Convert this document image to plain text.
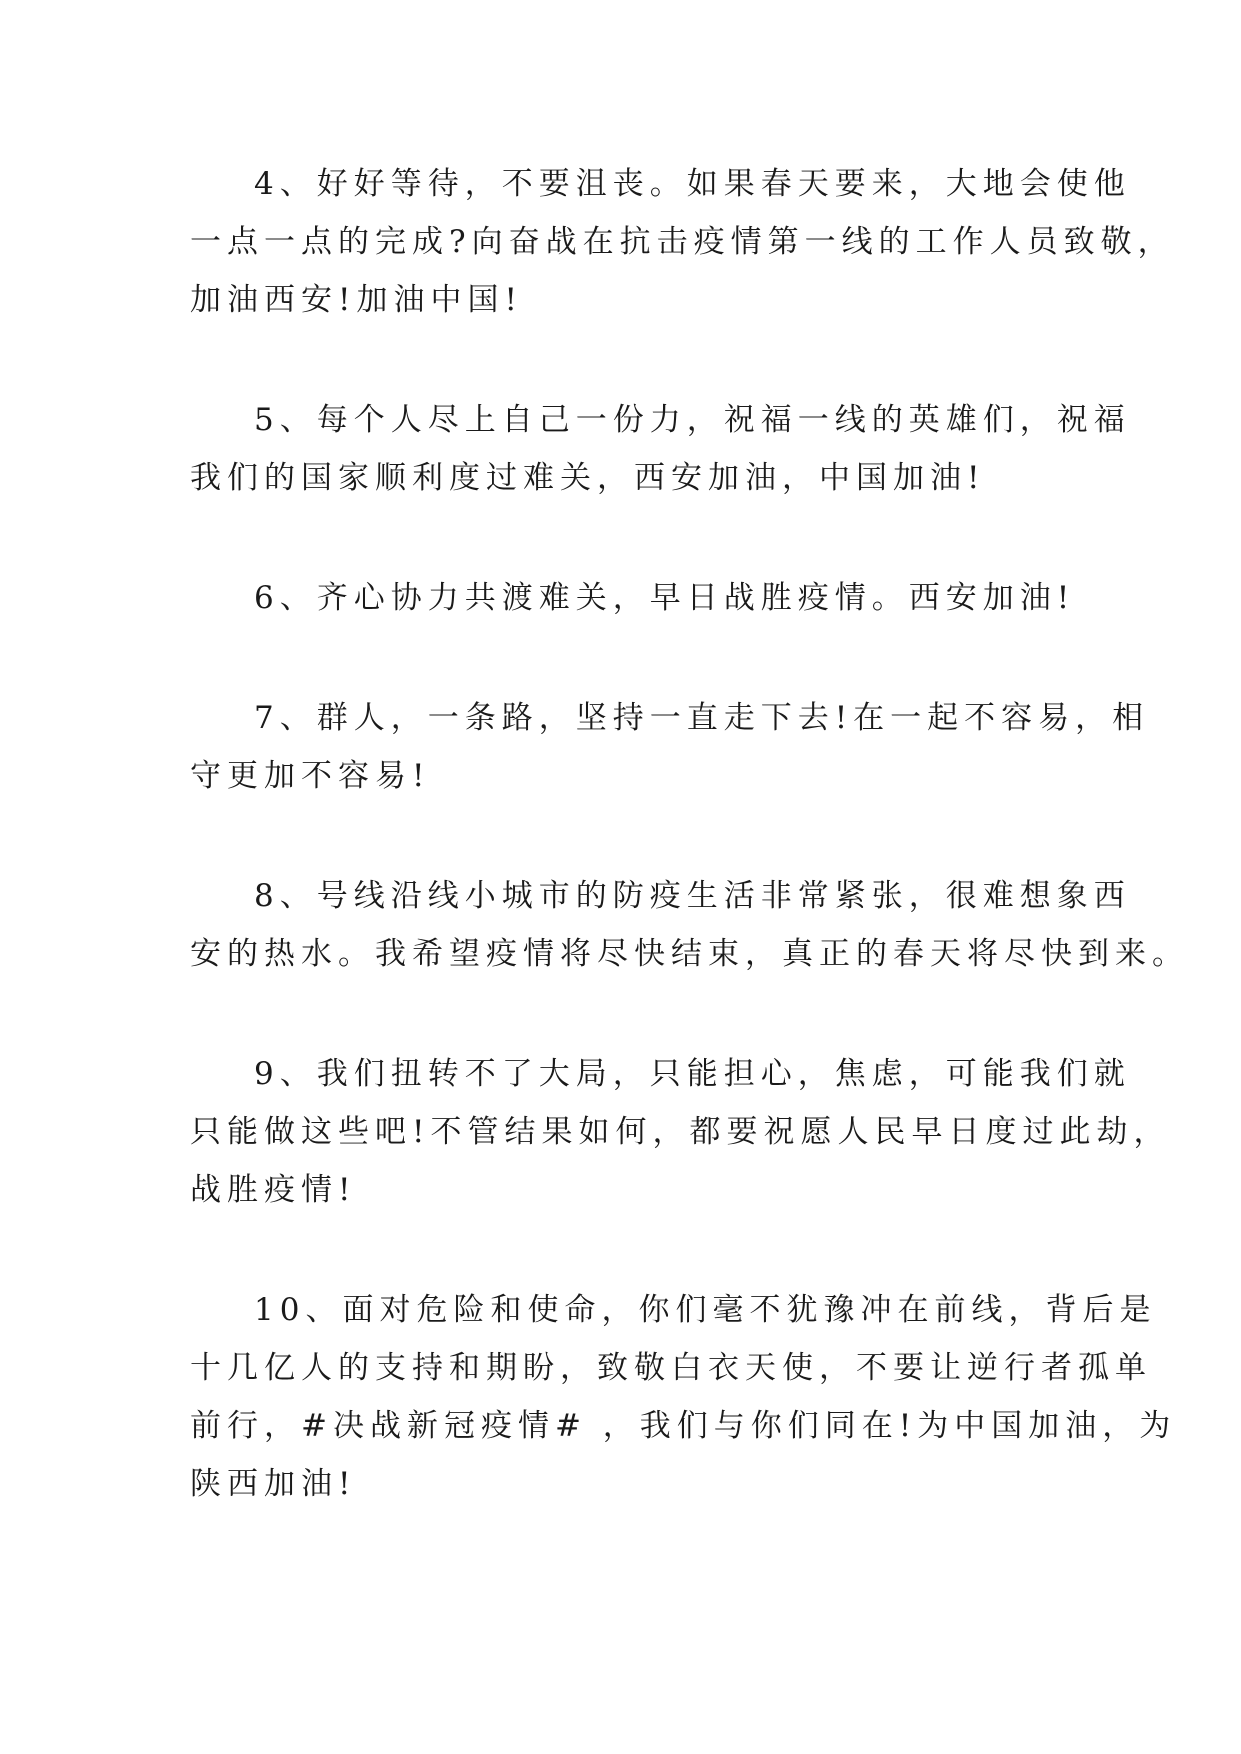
4、好好等待，不要沮丧。如果春天要来，大地会使他
一点一点的完成?向奋战在抗击疫情第一线的工作人员致敬，
加油西安!加油中国!

5、每个人尽上自己一份力，祝福一线的英雄们，祝福
我们的国家顺利度过难关，西安加油，中国加油!

6、齐心协力共渡难关，早日战胜疫情。西安加油!

7、群人，一条路，坚持一直走下去!在一起不容易，相
守更加不容易!

8、号线沿线小城市的防疫生活非常紧张，很难想象西
安的热水。我希望疫情将尽快结束，真正的春天将尽快到来。

9、我们扭转不了大局，只能担心，焦虑，可能我们就
只能做这些吧!不管结果如何，都要祝愿人民早日度过此劫，
战胜疫情!

10、面对危险和使命，你们毫不犹豫冲在前线，背后是
十几亿人的支持和期盼，致敬白衣天使，不要让逆行者孤单
前行，#决战新冠疫情# ，我们与你们同在!为中国加油，为
陕西加油!
